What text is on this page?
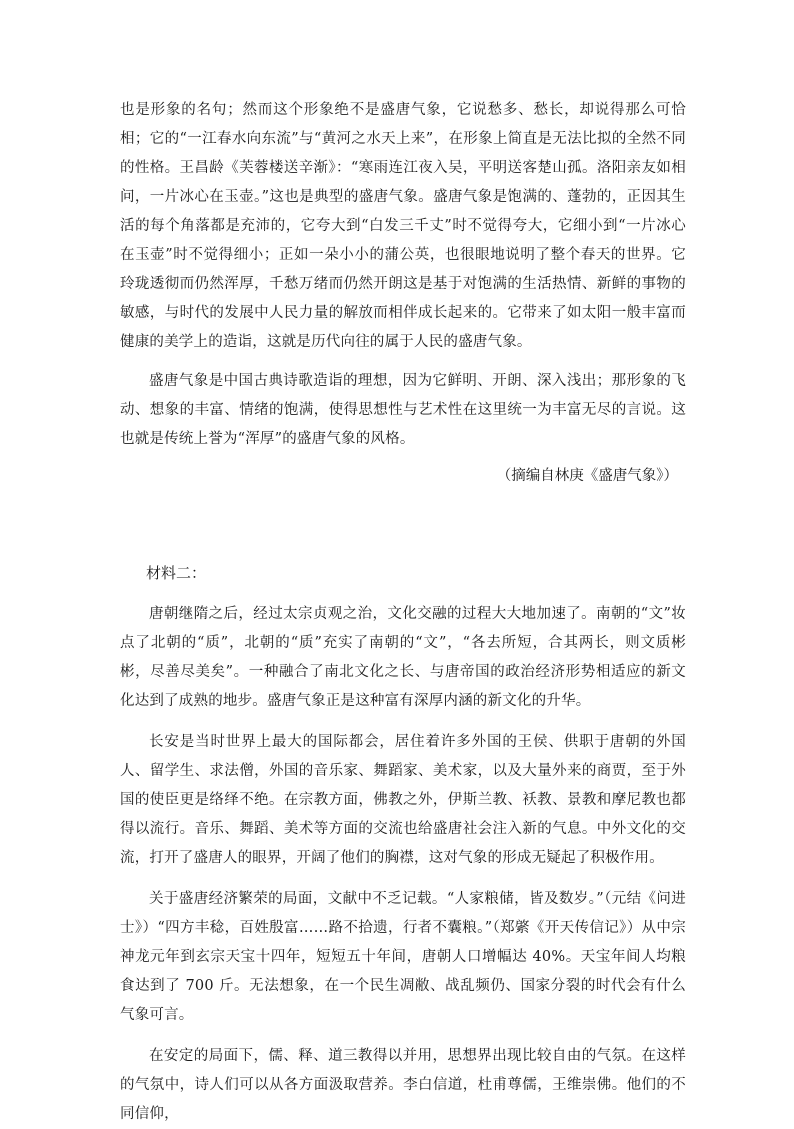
也是形象的名句；然而这个形象绝不是盛唐气象，它说愁多、愁长，却说得那么可恰相；它的“一江春水向东流”与“黄河之水天上来”，在形象上简直是无法比拟的全然不同的性格。王昌龄《芙蓉楼送辛渐》：“寒雨连江夜入吴，平明送客楚山孤。洛阳亲友如相问，一片冰心在玉壶。”这也是典型的盛唐气象。盛唐气象是饱满的、蓬勃的，正因其生活的每个角落都是充沛的，它夸大到“白发三千丈”时不觉得夸大，它细小到“一片冰心在玉壶”时不觉得细小；正如一朵小小的蒲公英，也很眼地说明了整个春天的世界。它玲珑透彻而仍然浑厚，千愁万绪而仍然开朗这是基于对饱满的生活热情、新鲜的事物的敏感，与时代的发展中人民力量的解放而相伴成长起来的。它带来了如太阳一般丰富而健康的美学上的造诣，这就是历代向往的属于人民的盛唐气象。

盛唐气象是中国古典诗歌造诣的理想，因为它鲜明、开朗、深入浅出；那形象的飞动、想象的丰富、情绪的饱满，使得思想性与艺术性在这里统一为丰富无尽的言说。这也就是传统上誉为“浑厚”的盛唐气象的风格。

（摘编自林庚《盛唐气象》）
材料二：

唐朝继隋之后，经过太宗贞观之治，文化交融的过程大大地加速了。南朝的“文”妆点了北朝的“质”，北朝的“质”充实了南朝的“文”，“各去所短，合其两长，则文质彬彬，尽善尽美矣”。一种融合了南北文化之长、与唐帝国的政治经济形势相适应的新文化达到了成熟的地步。盛唐气象正是这种富有深厚内涵的新文化的升华。

长安是当时世界上最大的国际都会，居住着许多外国的王侯、供职于唐朝的外国人、留学生、求法僧，外国的音乐家、舞蹈家、美术家，以及大量外来的商贾，至于外国的使臣更是络绎不绝。在宗教方面，佛教之外，伊斯兰教、袄教、景教和摩尼教也都得以流行。音乐、舞蹈、美术等方面的交流也给盛唐社会注入新的气息。中外文化的交流，打开了盛唐人的眼界，开阔了他们的胸襟，这对气象的形成无疑起了积极作用。

关于盛唐经济繁荣的局面，文献中不乏记载。“人家粮储，皆及数岁。”（元结《问进士》）“四方丰稔，百姓殷富……路不拾遗，行者不囊粮。”（郑綮《开天传信记》）从中宗神龙元年到玄宗天宝十四年，短短五十年间，唐朝人口增幅达 40%。天宝年间人均粮食达到了 700 斤。无法想象，在一个民生凋敝、战乱频仍、国家分裂的时代会有什么气象可言。

在安定的局面下，儒、释、道三教得以并用，思想界出现比较自由的气氛。在这样的气氛中，诗人们可以从各方面汲取营养。李白信道，杜甫尊儒，王维崇佛。他们的不同信仰，
